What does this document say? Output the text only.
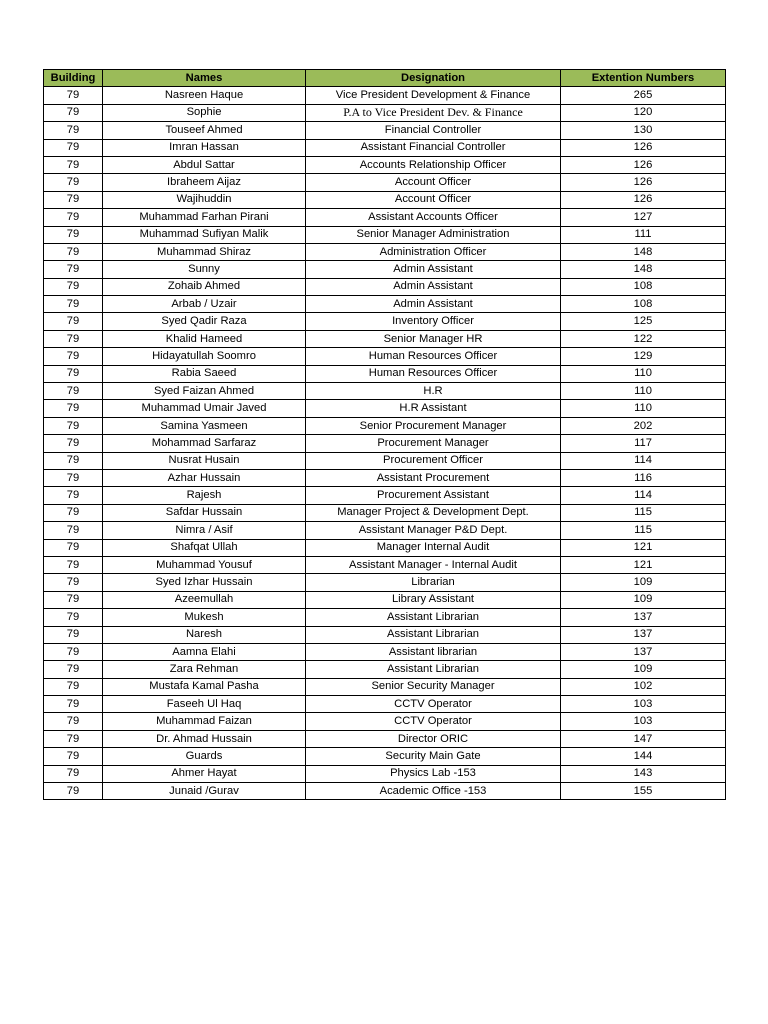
Building	Names	Designation	Extention Numbers
79	Nasreen Haque	Vice President Development & Finance	265
79	Sophie	P.A to Vice President Dev. & Finance	120
79	Touseef Ahmed	Financial Controller	130
79	Imran Hassan	Assistant Financial Controller	126
79	Abdul Sattar	Accounts Relationship Officer	126
79	Ibraheem Aijaz	Account Officer	126
79	Wajihuddin	Account Officer	126
79	Muhammad Farhan Pirani	Assistant Accounts Officer	127
79	Muhammad Sufiyan Malik	Senior Manager Administration	111
79	Muhammad Shiraz	Administration Officer	148
79	Sunny	Admin Assistant	148
79	Zohaib Ahmed	Admin Assistant	108
79	Arbab / Uzair	Admin Assistant	108
79	Syed Qadir Raza	Inventory Officer	125
79	Khalid Hameed	Senior Manager HR	122
79	Hidayatullah Soomro	Human Resources Officer	129
79	Rabia Saeed	Human Resources Officer	110
79	Syed Faizan Ahmed	H.R	110
79	Muhammad Umair Javed	H.R Assistant	110
79	Samina Yasmeen	Senior Procurement Manager	202
79	Mohammad Sarfaraz	Procurement Manager	117
79	Nusrat Husain	Procurement Officer	114
79	Azhar Hussain	Assistant Procurement	116
79	Rajesh	Procurement Assistant	114
79	Safdar Hussain	Manager Project & Development Dept.	115
79	Nimra / Asif	Assistant Manager P&D Dept.	115
79	Shafqat Ullah	Manager Internal Audit	121
79	Muhammad Yousuf	Assistant Manager - Internal Audit	121
79	Syed Izhar Hussain	Librarian	109
79	Azeemullah	Library Assistant	109
79	Mukesh	Assistant Librarian	137
79	Naresh	Assistant Librarian	137
79	Aamna Elahi	Assistant librarian	137
79	Zara Rehman	Assistant Librarian	109
79	Mustafa Kamal Pasha	Senior Security Manager	102
79	Faseeh Ul Haq	CCTV Operator	103
79	Muhammad Faizan	CCTV Operator	103
79	Dr. Ahmad Hussain	Director ORIC	147
79	Guards	Security Main Gate	144
79	Ahmer Hayat	Physics Lab -153	143
79	Junaid /Gurav	Academic Office -153	155
